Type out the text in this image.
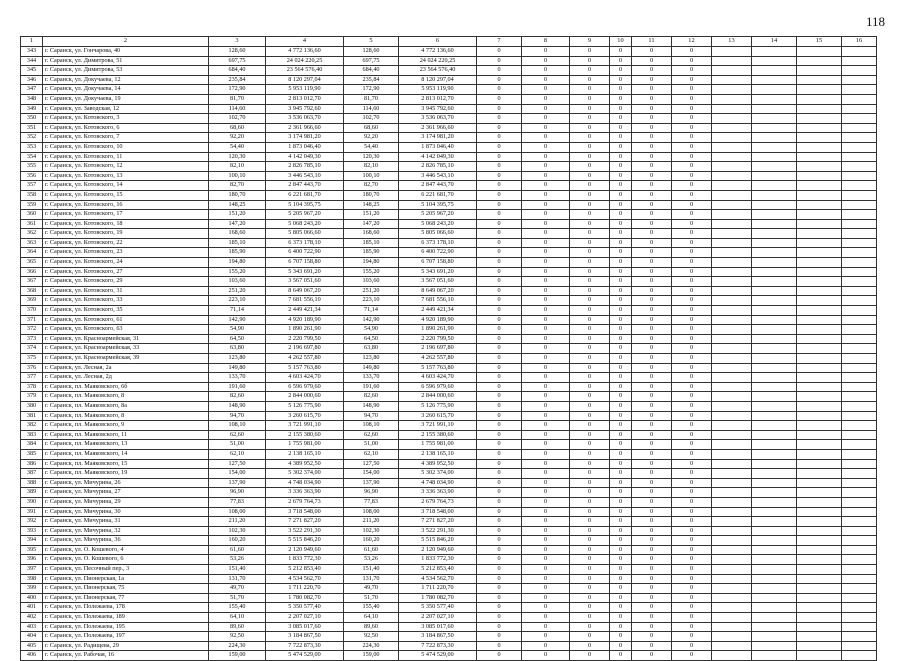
118
1	2	3	4	5	6	7	8	9	10	11	12	13	14	15	16
343	г. Саранск, ул. Гончарова, 40	128,60	4 772 136,60	128,60	4 772 136,60	0	0	0	0	0	0				
344	г. Саранск, ул. Димитрова, 51	697,75	24 024 220,25	697,75	24 024 220,25	0	0	0	0	0	0				
345	г. Саранск, ул. Димитрова, 53	684,40	23 564 576,40	684,40	23 564 576,40	0	0	0	0	0	0				
346	г. Саранск, ул. Докучаева, 12	235,84	8 120 297,04	235,84	8 120 297,04	0	0	0	0	0	0				
347	г. Саранск, ул. Докучаева, 14	172,90	5 953 119,90	172,90	5 953 119,90	0	0	0	0	0	0				
348	г. Саранск, ул. Докучаева, 19	81,70	2 813 012,70	81,70	2 813 012,70	0	0	0	0	0	0				
349	г. Саранск, ул. Заводская, 12	114,60	3 945 792,60	114,60	3 945 792,60	0	0	0	0	0	0				
350	г. Саранск, ул. Котовского, 3	102,70	3 536 063,70	102,70	3 536 063,70	0	0	0	0	0	0				
351	г. Саранск, ул. Котовского, 6	68,60	2 361 966,60	68,60	2 361 966,60	0	0	0	0	0	0				
352	г. Саранск, ул. Котовского, 7	92,20	3 174 981,20	92,20	3 174 981,20	0	0	0	0	0	0				
353	г. Саранск, ул. Котовского, 10	54,40	1 873 046,40	54,40	1 873 046,40	0	0	0	0	0	0				
354	г. Саранск, ул. Котовского, 11	120,30	4 142 049,30	120,30	4 142 049,30	0	0	0	0	0	0				
355	г. Саранск, ул. Котовского, 12	82,10	2 826 785,10	82,10	2 826 785,10	0	0	0	0	0	0				
356	г. Саранск, ул. Котовского, 13	100,10	3 446 543,10	100,10	3 446 543,10	0	0	0	0	0	0				
357	г. Саранск, ул. Котовского, 14	82,70	2 847 443,70	82,70	2 847 443,70	0	0	0	0	0	0				
358	г. Саранск, ул. Котовского, 15	180,70	6 221 681,70	180,70	6 221 681,70	0	0	0	0	0	0				
359	г. Саранск, ул. Котовского, 16	148,25	5 104 395,75	148,25	5 104 395,75	0	0	0	0	0	0				
360	г. Саранск, ул. Котовского, 17	151,20	5 205 967,20	151,20	5 205 967,20	0	0	0	0	0	0				
361	г. Саранск, ул. Котовского, 18	147,20	5 068 243,20	147,20	5 068 243,20	0	0	0	0	0	0				
362	г. Саранск, ул. Котовского, 19	168,60	5 805 066,60	168,60	5 805 066,60	0	0	0	0	0	0				
363	г. Саранск, ул. Котовского, 22	185,10	6 373 178,10	185,10	6 373 178,10	0	0	0	0	0	0				
364	г. Саранск, ул. Котовского, 23	185,90	6 400 722,90	185,90	6 400 722,90	0	0	0	0	0	0				
365	г. Саранск, ул. Котовского, 24	194,80	6 707 158,80	194,80	6 707 158,80	0	0	0	0	0	0				
366	г. Саранск, ул. Котовского, 27	155,20	5 343 691,20	155,20	5 343 691,20	0	0	0	0	0	0				
367	г. Саранск, ул. Котовского, 29	103,60	3 567 051,60	103,60	3 567 051,60	0	0	0	0	0	0				
368	г. Саранск, ул. Котовского, 31	251,20	8 649 067,20	251,20	8 649 067,20	0	0	0	0	0	0				
369	г. Саранск, ул. Котовского, 33	223,10	7 681 556,10	223,10	7 681 556,10	0	0	0	0	0	0				
370	г. Саранск, ул. Котовского, 35	71,14	2 449 421,34	71,14	2 449 421,34	0	0	0	0	0	0				
371	г. Саранск, ул. Котовского, 61	142,90	4 920 189,90	142,90	4 920 189,90	0	0	0	0	0	0				
372	г. Саранск, ул. Котовского, 63	54,90	1 890 261,90	54,90	1 890 261,90	0	0	0	0	0	0				
373	г. Саранск, ул. Красноармейская, 31	64,50	2 220 799,50	64,50	2 220 799,50	0	0	0	0	0	0				
374	г. Саранск, ул. Красноармейская, 33	63,80	2 196 697,80	63,80	2 196 697,80	0	0	0	0	0	0				
375	г. Саранск, ул. Красноармейская, 39	123,80	4 262 557,80	123,80	4 262 557,80	0	0	0	0	0	0				
376	г. Саранск, ул. Лесная, 2а	149,80	5 157 763,80	149,80	5 157 763,80	0	0	0	0	0	0				
377	г. Саранск, ул. Лесная, 2д	133,70	4 603 424,70	133,70	4 603 424,70	0	0	0	0	0	0				
378	г. Саранск, пл. Маяковского, 6б	191,60	6 596 979,60	191,60	6 596 979,60	0	0	0	0	0	0				
379	г. Саранск, пл. Маяковского, 8	82,60	2 844 000,60	82,60	2 844 000,60	0	0	0	0	0	0				
380	г. Саранск, пл. Маяковского, 8а	148,90	5 126 775,90	148,90	5 126 775,90	0	0	0	0	0	0				
381	г. Саранск, пл. Маяковского, 8	94,70	3 260 615,70	94,70	3 260 615,70	0	0	0	0	0	0				
382	г. Саранск, пл. Маяковского, 9	108,10	3 721 991,10	108,10	3 721 991,10	0	0	0	0	0	0				
383	г. Саранск, пл. Маяковского, 11	62,60	2 155 380,60	62,60	2 155 380,60	0	0	0	0	0	0				
384	г. Саранск, пл. Маяковского, 13	51,00	1 755 981,00	51,00	1 755 981,00	0	0	0	0	0	0				
385	г. Саранск, пл. Маяковского, 14	62,10	2 138 165,10	62,10	2 138 165,10	0	0	0	0	0	0				
386	г. Саранск, пл. Маяковского, 15	127,50	4 389 952,50	127,50	4 389 952,50	0	0	0	0	0	0				
387	г. Саранск, пл. Маяковского, 19	154,00	5 302 374,00	154,00	5 302 374,00	0	0	0	0	0	0				
388	г. Саранск, ул. Мичурина, 26	137,90	4 748 034,90	137,90	4 748 034,90	0	0	0	0	0	0				
389	г. Саранск, ул. Мичурина, 27	96,90	3 336 363,90	96,90	3 336 363,90	0	0	0	0	0	0				
390	г. Саранск, ул. Мичурина, 29	77,83	2 679 764,73	77,83	2 679 764,73	0	0	0	0	0	0				
391	г. Саранск, ул. Мичурина, 30	108,00	3 718 548,00	108,00	3 718 548,00	0	0	0	0	0	0				
392	г. Саранск, ул. Мичурина, 31	211,20	7 271 827,20	211,20	7 271 827,20	0	0	0	0	0	0				
393	г. Саранск, ул. Мичурина, 32	102,30	3 522 291,30	102,30	3 522 291,30	0	0	0	0	0	0				
394	г. Саранск, ул. Мичурина, 36	160,20	5 515 846,20	160,20	5 515 846,20	0	0	0	0	0	0				
395	г. Саранск, ул. О. Кошевого, 4	61,60	2 120 949,60	61,60	2 120 949,60	0	0	0	0	0	0				
396	г. Саранск, ул. О. Кошевого, 6	53,26	1 833 772,30	53,26	1 833 772,30	0	0	0	0	0	0				
397	г. Саранск, ул. Песочный пер., 3	151,40	5 212 853,40	151,40	5 212 853,40	0	0	0	0	0	0				
398	г. Саранск, ул. Пионерская, 1а	131,70	4 534 562,70	131,70	4 534 562,70	0	0	0	0	0	0				
399	г. Саранск, ул. Пионерская, 75	49,70	1 711 220,70	49,70	1 711 220,70	0	0	0	0	0	0				
400	г. Саранск, ул. Пионерская, 77	51,70	1 780 082,70	51,70	1 780 082,70	0	0	0	0	0	0				
401	г. Саранск, ул. Полежаева, 178	155,40	5 350 577,40	155,40	5 350 577,40	0	0	0	0	0	0				
402	г. Саранск, ул. Полежаева, 189	64,10	2 207 027,10	64,10	2 207 027,10	0	0	0	0	0	0				
403	г. Саранск, ул. Полежаева, 195	89,60	3 085 017,60	89,60	3 085 017,60	0	0	0	0	0	0				
404	г. Саранск, ул. Полежаева, 197	92,50	3 184 867,50	92,50	3 184 867,50	0	0	0	0	0	0				
405	г. Саранск, ул. Радищева, 29	224,30	7 722 873,30	224,30	7 722 873,30	0	0	0	0	0	0				
406	г. Саранск, ул. Рабочая, 16	159,00	5 474 529,00	159,00	5 474 529,00	0	0	0	0	0	0				
